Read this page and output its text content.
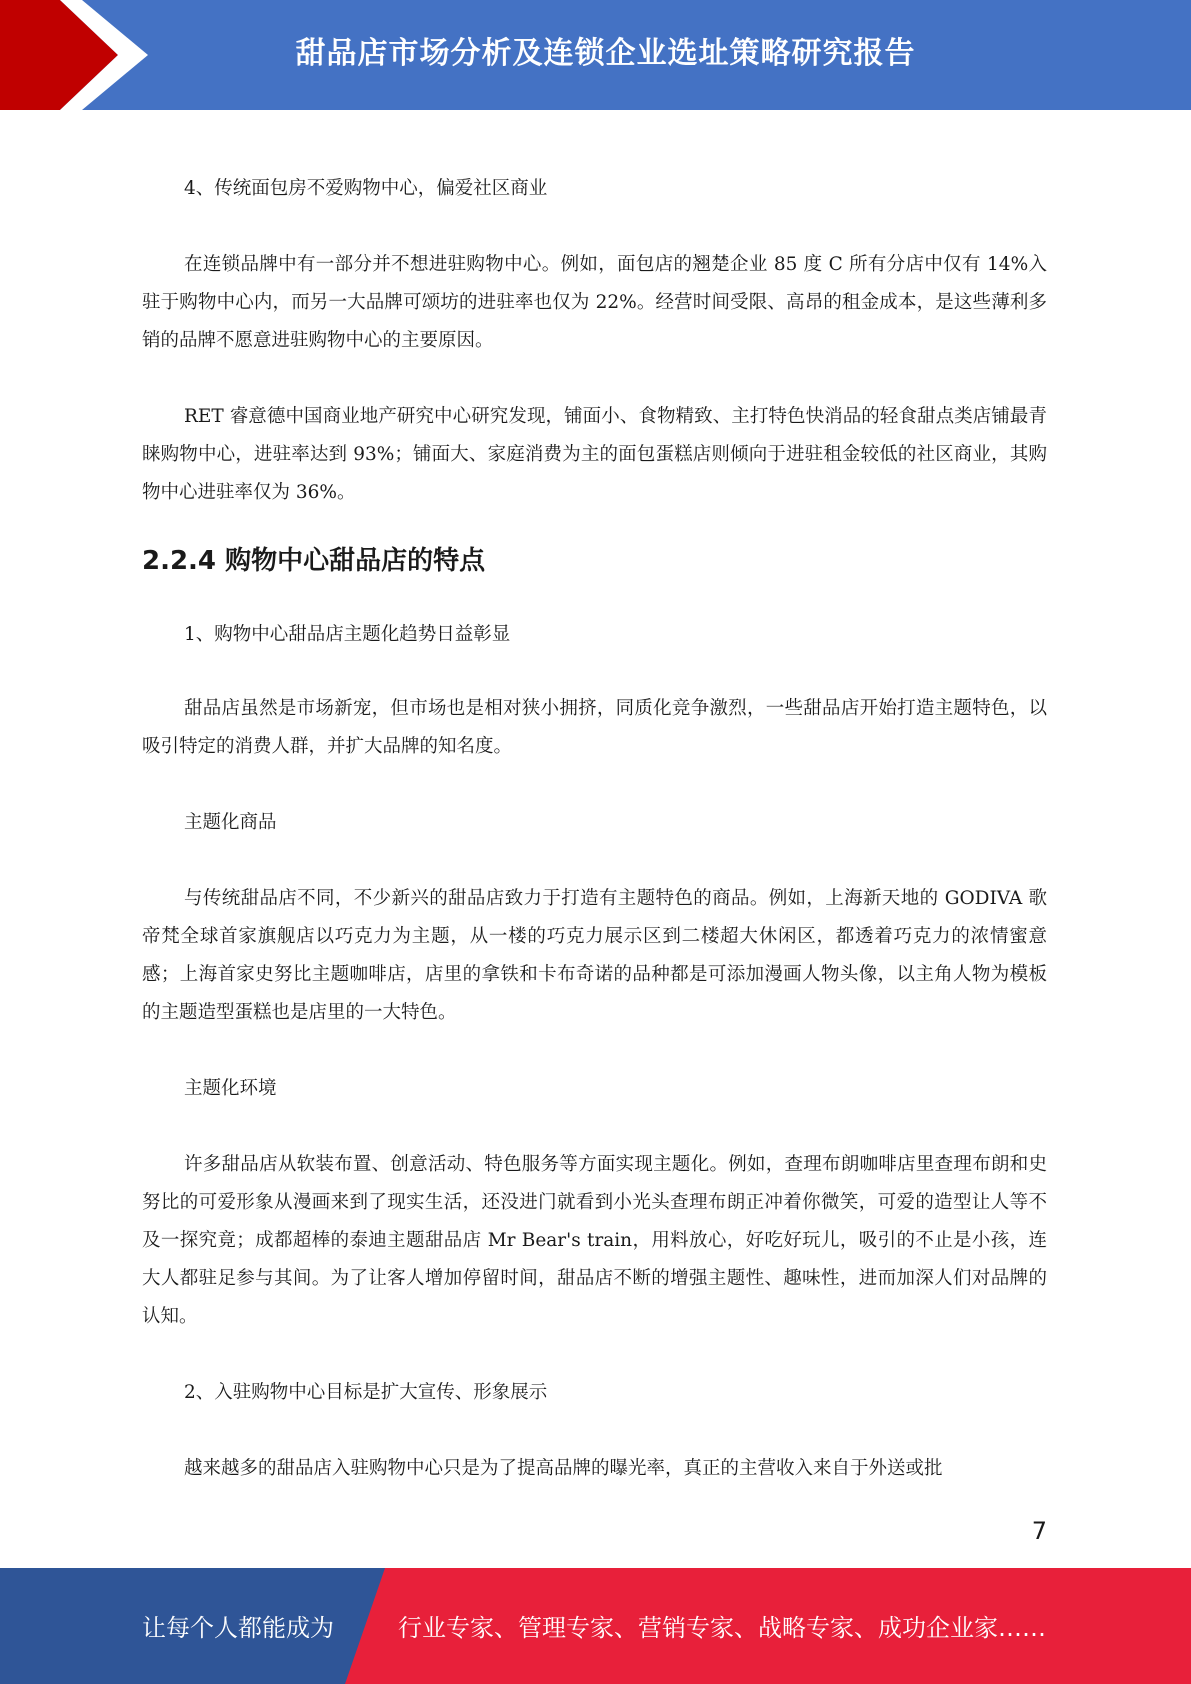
甜品店市场分析及连锁企业选址策略研究报告

4、传统面包房不爱购物中心，偏爱社区商业

在连锁品牌中有一部分并不想进驻购物中心。例如，面包店的翘楚企业 85 度 C 所有分店中仅有 14%入驻于购物中心内，而另一大品牌可颂坊的进驻率也仅为 22%。经营时间受限、高昂的租金成本，是这些薄利多销的品牌不愿意进驻购物中心的主要原因。

RET 睿意德中国商业地产研究中心研究发现，铺面小、食物精致、主打特色快消品的轻食甜点类店铺最青睐购物中心，进驻率达到 93%；铺面大、家庭消费为主的面包蛋糕店则倾向于进驻租金较低的社区商业，其购物中心进驻率仅为 36%。

2.2.4 购物中心甜品店的特点

1、购物中心甜品店主题化趋势日益彰显

甜品店虽然是市场新宠，但市场也是相对狭小拥挤，同质化竞争激烈，一些甜品店开始打造主题特色，以吸引特定的消费人群，并扩大品牌的知名度。

主题化商品

与传统甜品店不同，不少新兴的甜品店致力于打造有主题特色的商品。例如，上海新天地的 GODIVA 歌帝梵全球首家旗舰店以巧克力为主题，从一楼的巧克力展示区到二楼超大休闲区，都透着巧克力的浓情蜜意感；上海首家史努比主题咖啡店，店里的拿铁和卡布奇诺的品种都是可添加漫画人物头像，以主角人物为模板的主题造型蛋糕也是店里的一大特色。

主题化环境

许多甜品店从软装布置、创意活动、特色服务等方面实现主题化。例如，查理布朗咖啡店里查理布朗和史努比的可爱形象从漫画来到了现实生活，还没进门就看到小光头查理布朗正冲着你微笑，可爱的造型让人等不及一探究竟；成都超棒的泰迪主题甜品店 Mr Bear's train，用料放心，好吃好玩儿，吸引的不止是小孩，连大人都驻足参与其间。为了让客人增加停留时间，甜品店不断的增强主题性、趣味性，进而加深人们对品牌的认知。

2、入驻购物中心目标是扩大宣传、形象展示

越来越多的甜品店入驻购物中心只是为了提高品牌的曝光率，真正的主营收入来自于外送或批

7
让每个人都能成为	行业专家、管理专家、营销专家、战略专家、成功企业家……
